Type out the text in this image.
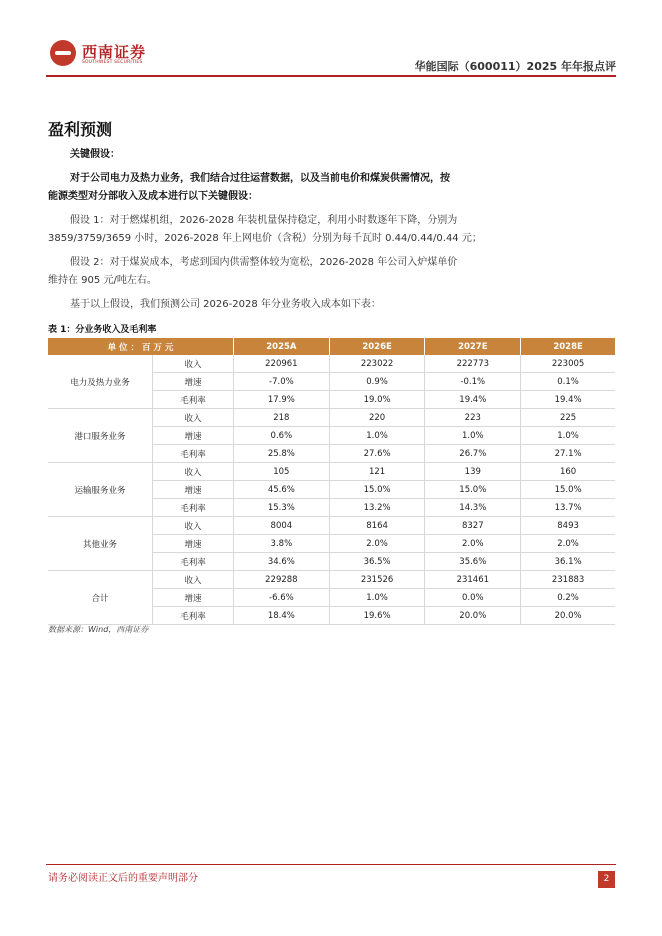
西南证券
SOUTHWEST SECURITIES	华能国际（600011）2025 年年报点评
盈利预测
关键假设：
对于公司电力及热力业务，我们结合过往运营数据，以及当前电价和煤炭供需情况，按
能源类型对分部收入及成本进行以下关键假设：
假设 1：对于燃煤机组，2026-2028 年装机量保持稳定，利用小时数逐年下降，分别为
3859/3759/3659 小时，2026-2028 年上网电价（含税）分别为每千瓦时 0.44/0.44/0.44 元；
假设 2：对于煤炭成本，考虑到国内供需整体较为宽松，2026-2028 年公司入炉煤单价
维持在 905 元/吨左右。
基于以上假设，我们预测公司 2026-2028 年分业务收入成本如下表：
表 1：分业务收入及毛利率
单 位 ： 百 万 元		2025A	2026E	2027E	2028E
电力及热力业务	收入	220961	223022	222773	223005
	增速	-7.0%	0.9%	-0.1%	0.1%
	毛利率	17.9%	19.0%	19.4%	19.4%
港口服务业务	收入	218	220	223	225
	增速	0.6%	1.0%	1.0%	1.0%
	毛利率	25.8%	27.6%	26.7%	27.1%
运输服务业务	收入	105	121	139	160
	增速	45.6%	15.0%	15.0%	15.0%
	毛利率	15.3%	13.2%	14.3%	13.7%
其他业务	收入	8004	8164	8327	8493
	增速	3.8%	2.0%	2.0%	2.0%
	毛利率	34.6%	36.5%	35.6%	36.1%
合计	收入	229288	231526	231461	231883
	增速	-6.6%	1.0%	0.0%	0.2%
	毛利率	18.4%	19.6%	20.0%	20.0%
数据来源：Wind，西南证券
请务必阅读正文后的重要声明部分	2
